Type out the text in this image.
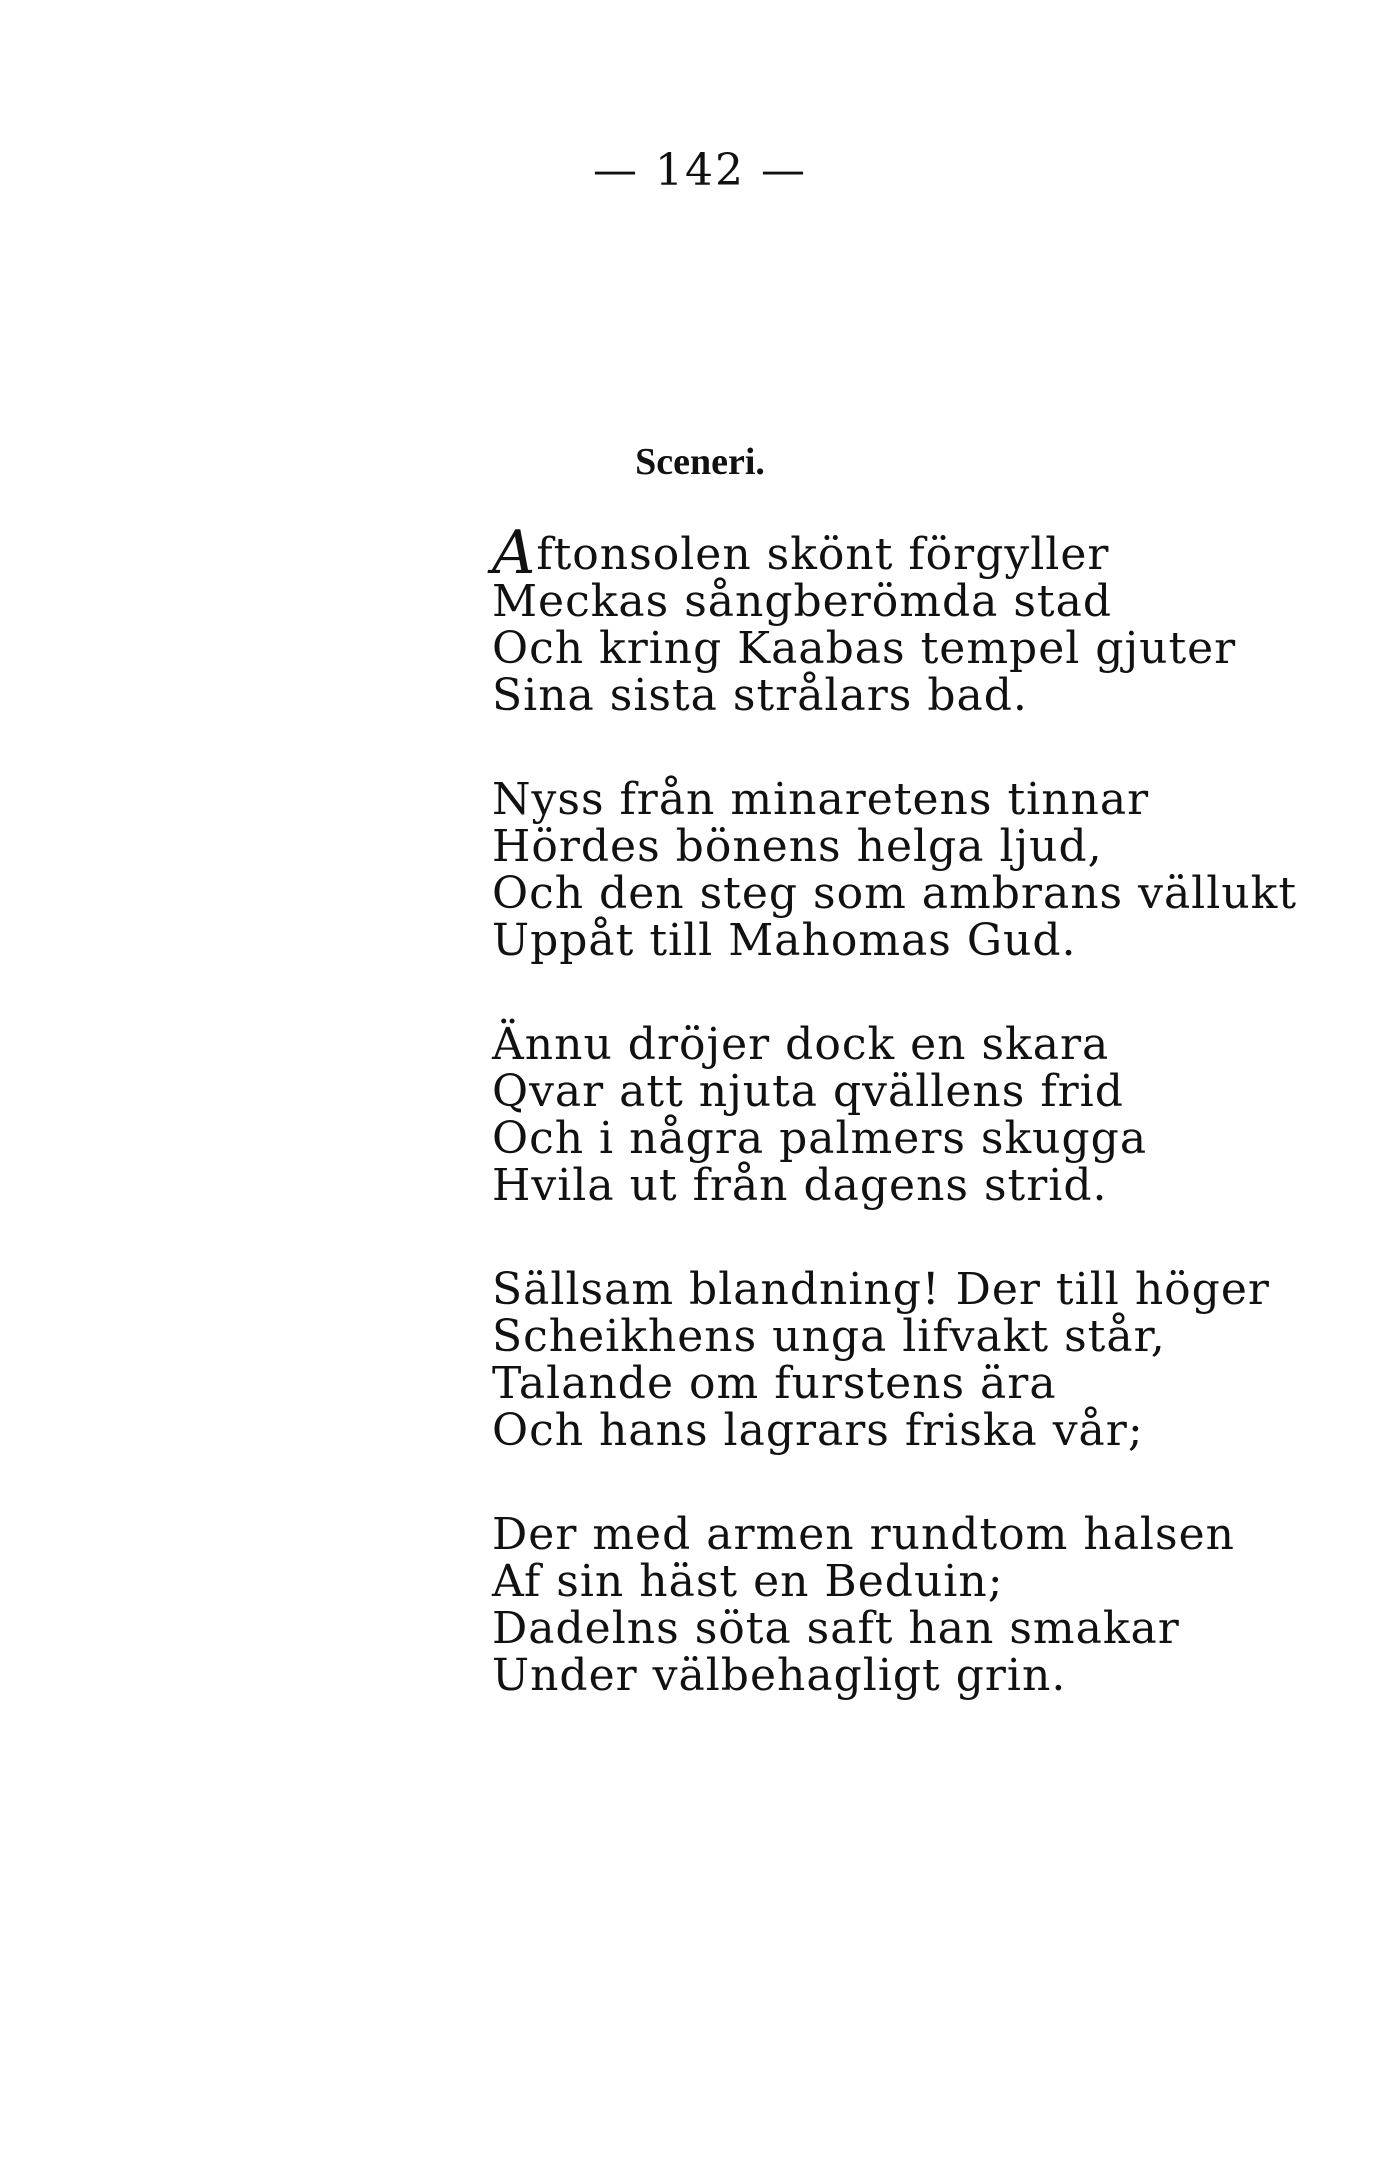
— 142 —
Sceneri.
Aftonsolen skönt förgyller
Meckas sångberömda stad
Och kring Kaabas tempel gjuter
Sina sista strålars bad.
Nyss från minaretens tinnar
Hördes bönens helga ljud,
Och den steg som ambrans vällukt
Uppåt till Mahomas Gud.
Ännu dröjer dock en skara
Qvar att njuta qvällens frid
Och i några palmers skugga
Hvila ut från dagens strid.
Sällsam blandning! Der till höger
Scheikhens unga lifvakt står,
Talande om furstens ära
Och hans lagrars friska vår;
Der med armen rundtom halsen
Af sin häst en Beduin;
Dadelns söta saft han smakar
Under välbehagligt grin.
